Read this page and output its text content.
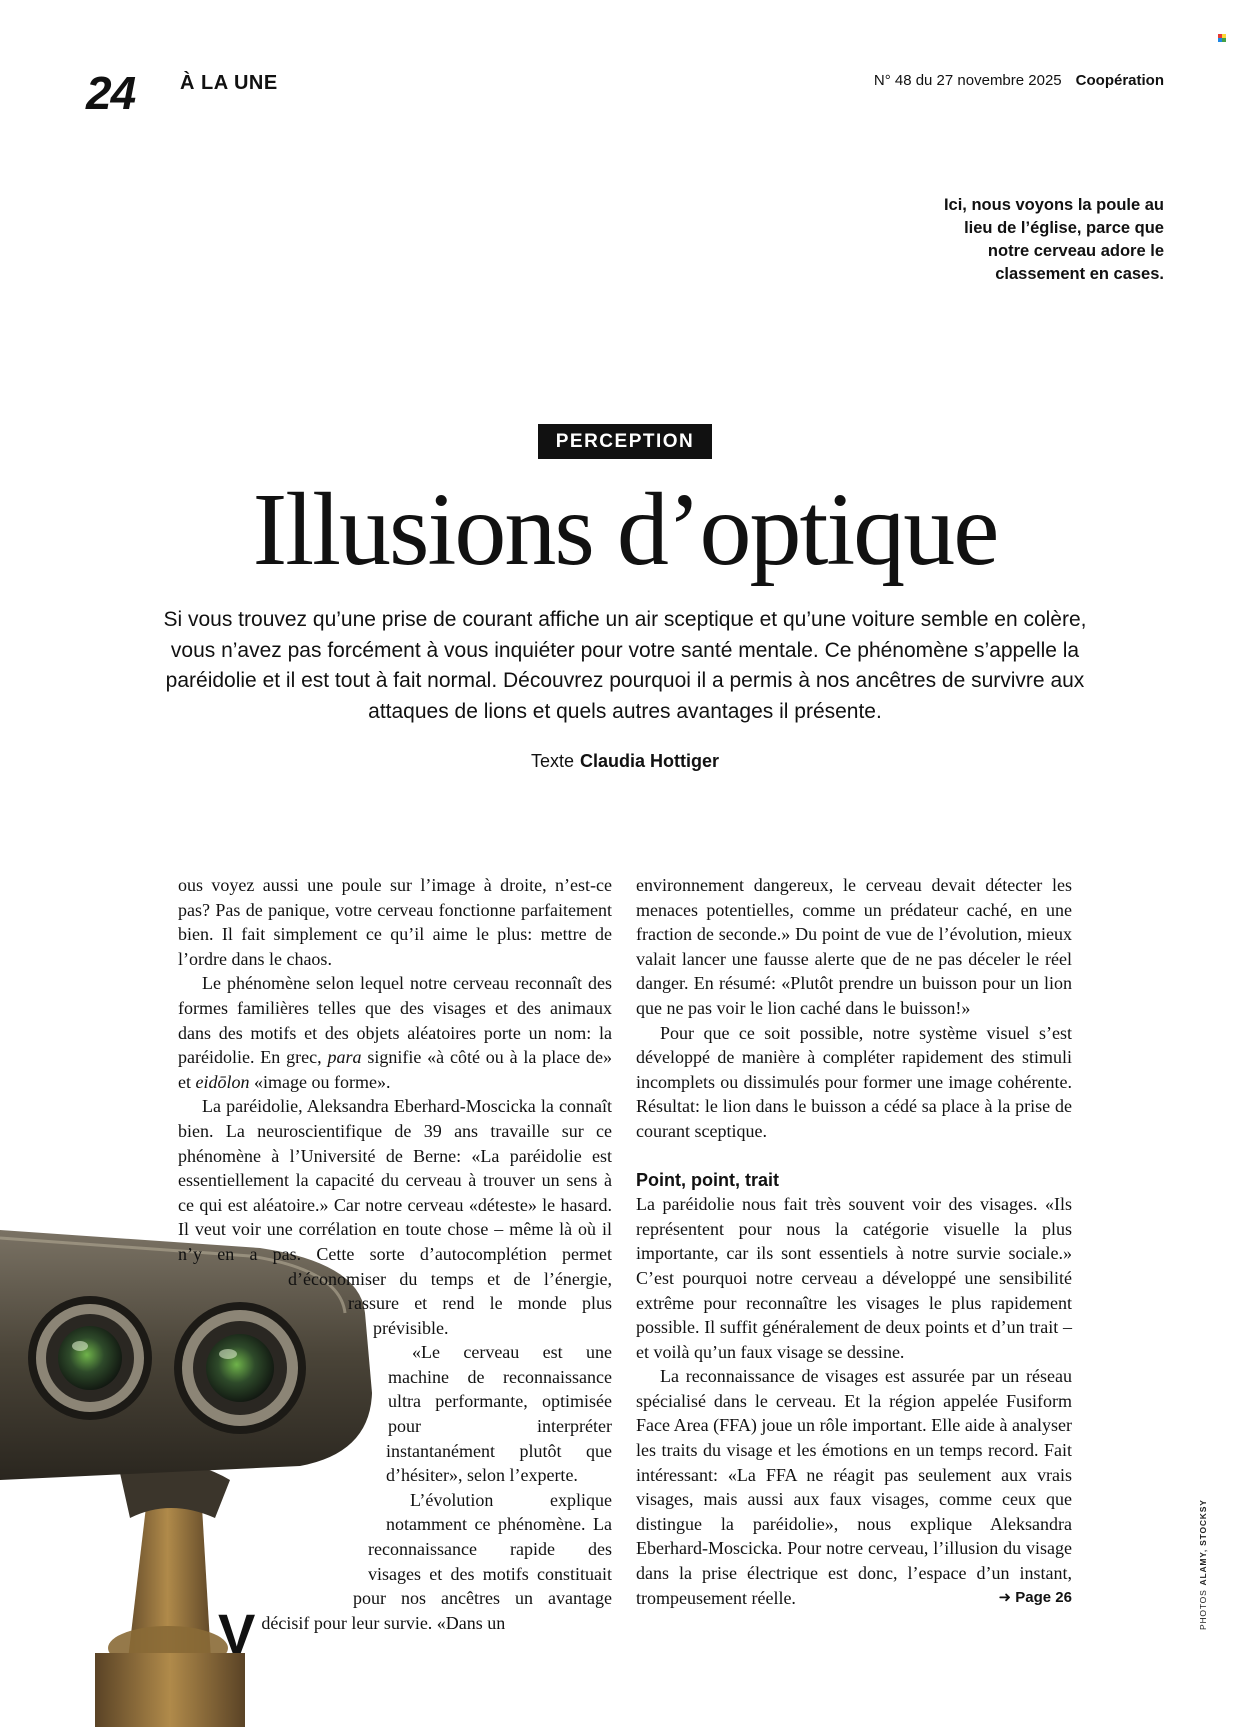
24 À LA UNE	N° 48 du 27 novembre 2025 Coopération
Ici, nous voyons la poule au lieu de l’église, parce que notre cerveau adore le classement en cases.
PERCEPTION
Illusions d’optique

Si vous trouvez qu’une prise de courant affiche un air sceptique et qu’une voiture semble en colère, vous n’avez pas forcément à vous inquiéter pour votre santé mentale. Ce phénomène s’appelle la paréidolie et il est tout à fait normal. Découvrez pourquoi il a permis à nos ancêtres de survivre aux attaques de lions et quels autres avantages il présente.

Texte Claudia Hottiger

V
ous voyez aussi une poule sur l’image à droite, n’est-ce pas? Pas de panique, votre cerveau fonctionne parfaitement bien. Il fait simplement ce qu’il aime le plus: mettre de l’ordre dans le chaos.

Le phénomène selon lequel notre cerveau reconnaît des formes familières telles que des visages et des animaux dans des motifs et des objets aléatoires porte un nom: la paréidolie. En grec, para signifie «à côté ou à la place de» et eidōlon «image ou forme».

La paréidolie, Aleksandra Eberhard-Moscicka la connaît bien. La neuroscientifique de 39 ans travaille sur ce phénomène à l’Université de Berne: «La paréidolie est essentiellement la capacité du cerveau à trouver un sens à ce qui est aléatoire.» Car notre cerveau «déteste» le hasard. Il veut voir une corrélation en toute chose – même là où il n’y en a pas. Cette sorte d’autocomplétion permet d’économiser du temps et de l’énergie, rassure et rend le monde plus prévisible.

«Le cerveau est une machine de reconnaissance ultra performante, optimisée pour interpréter instantanément plutôt que d’hésiter», selon l’experte.

L’évolution explique notamment ce phénomène. La reconnaissance rapide des visages et des motifs constituait pour nos ancêtres un avantage décisif pour leur survie. «Dans un

environnement dangereux, le cerveau devait détecter les menaces potentielles, comme un prédateur caché, en une fraction de seconde.» Du point de vue de l’évolution, mieux valait lancer une fausse alerte que de ne pas déceler le réel danger. En résumé: «Plutôt prendre un buisson pour un lion que ne pas voir le lion caché dans le buisson!»

Pour que ce soit possible, notre système visuel s’est développé de manière à compléter rapidement des stimuli incomplets ou dissimulés pour former une image cohérente. Résultat: le lion dans le buisson a cédé sa place à la prise de courant sceptique.

Point, point, trait

La paréidolie nous fait très souvent voir des visages. «Ils représentent pour nous la catégorie visuelle la plus importante, car ils sont essentiels à notre survie sociale.» C’est pourquoi notre cerveau a développé une sensibilité extrême pour reconnaître les visages le plus rapidement possible. Il suffit généralement de deux points et d’un trait – et voilà qu’un faux visage se dessine.

La reconnaissance de visages est assurée par un réseau spécialisé dans le cerveau. Et la région appelée Fusiform Face Area (FFA) joue un rôle important. Elle aide à analyser les traits du visage et les émotions en un temps record. Fait intéressant: «La FFA ne réagit pas seulement aux vrais visages, mais aussi aux faux visages, comme ceux que distingue la paréidolie», nous explique Aleksandra Eberhard-Moscicka. Pour notre cerveau, l’illusion du visage dans la prise électrique est donc, l’espace d’un instant, trompeusement réelle.	➜ Page 26	PHOTOSALAMY, STOCKSY
